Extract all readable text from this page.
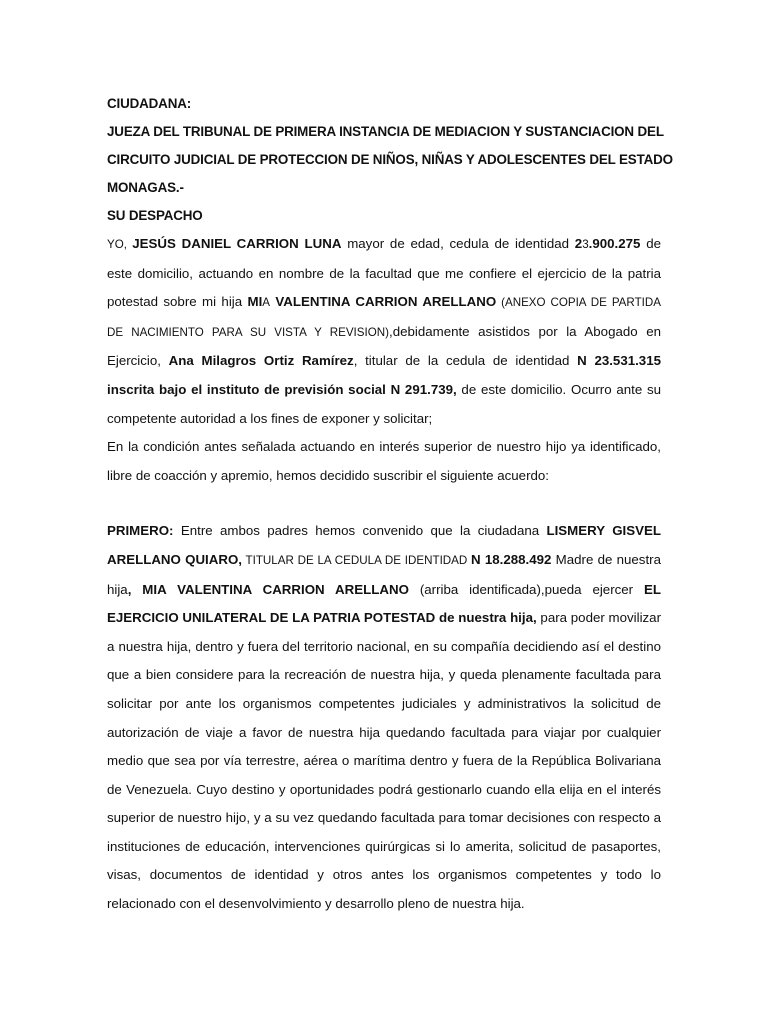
CIUDADANA:

JUEZA DEL TRIBUNAL DE PRIMERA INSTANCIA DE MEDIACION Y SUSTANCIACION DEL

CIRCUITO JUDICIAL DE PROTECCION DE NIÑOS, NIÑAS Y ADOLESCENTES DEL ESTADO

MONAGAS.-

SU DESPACHO

YO, JESÚS DANIEL CARRION LUNA mayor de edad, cedula de identidad 23.900.275 de este domicilio, actuando en nombre de la facultad que me confiere el ejercicio de la patria potestad sobre mi hija MIA VALENTINA CARRION ARELLANO (ANEXO COPIA DE PARTIDA DE NACIMIENTO PARA SU VISTA Y REVISION),debidamente asistidos por la Abogado en Ejercicio, Ana Milagros Ortiz Ramírez, titular de la cedula de identidad N 23.531.315 inscrita bajo el instituto de previsión social N 291.739, de este domicilio. Ocurro ante su competente autoridad a los fines de exponer y solicitar;

En la condición antes señalada actuando en interés superior de nuestro hijo ya identificado, libre de coacción y apremio, hemos decidido suscribir el siguiente acuerdo:

PRIMERO: Entre ambos padres hemos convenido que la ciudadana LISMERY GISVEL ARELLANO QUIARO, TITULAR DE LA CEDULA DE IDENTIDAD N 18.288.492 Madre de nuestra hija, MIA VALENTINA CARRION ARELLANO (arriba identificada),pueda ejercer EL EJERCICIO UNILATERAL DE LA PATRIA POTESTAD de nuestra hija, para poder movilizar a nuestra hija, dentro y fuera del territorio nacional, en su compañía decidiendo así el destino que a bien considere para la recreación de nuestra hija, y queda plenamente facultada para solicitar por ante los organismos competentes judiciales y administrativos la solicitud de autorización de viaje a favor de nuestra hija quedando facultada para viajar por cualquier medio que sea por vía terrestre, aérea o marítima dentro y fuera de la República Bolivariana de Venezuela. Cuyo destino y oportunidades podrá gestionarlo cuando ella elija en el interés superior de nuestro hijo, y a su vez quedando facultada para tomar decisiones con respecto a instituciones de educación, intervenciones quirúrgicas si lo amerita, solicitud de pasaportes, visas, documentos de identidad y otros antes los organismos competentes y todo lo relacionado con el desenvolvimiento y desarrollo pleno de nuestra hija.
